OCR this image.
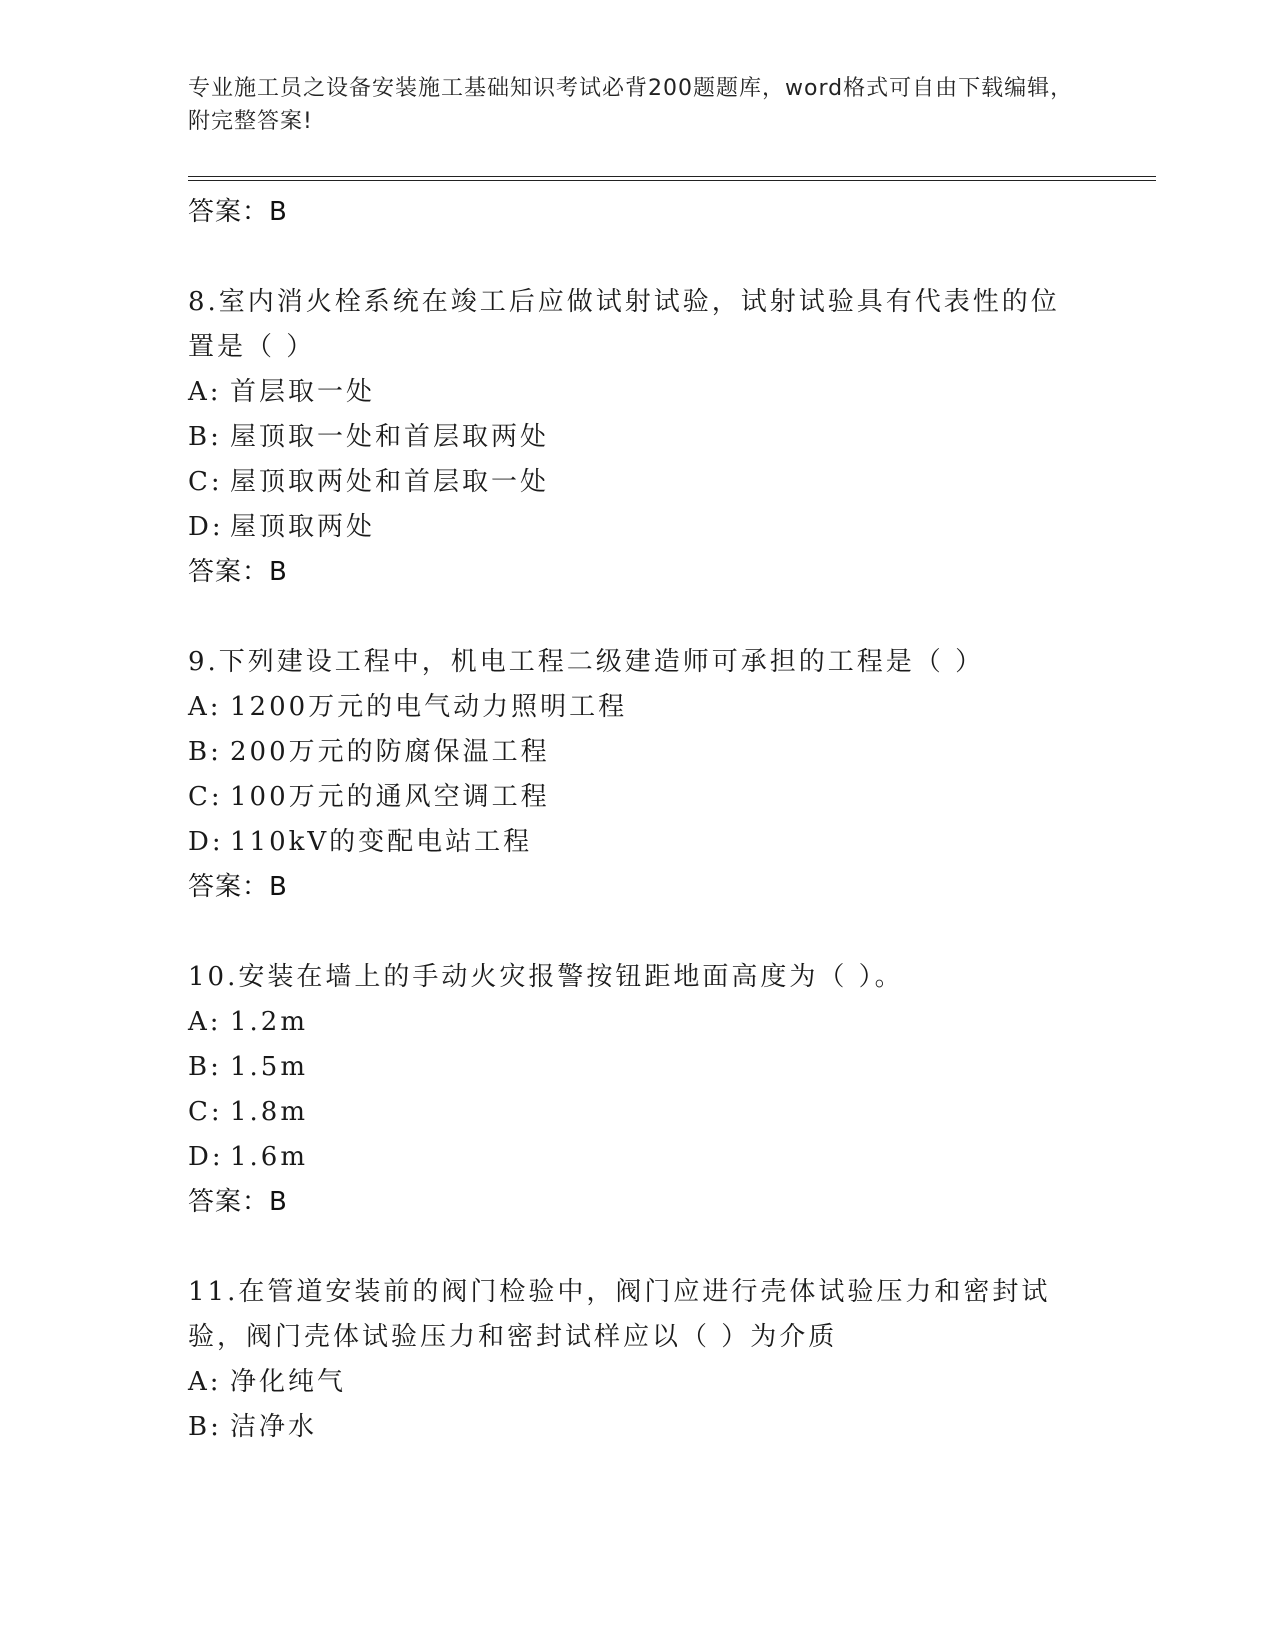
专业施工员之设备安装施工基础知识考试必背200题题库，word格式可自由下载编辑，附完整答案!
答案：B
8.室内消火栓系统在竣工后应做试射试验，试射试验具有代表性的位置是（ ）
A: 首层取一处
B: 屋顶取一处和首层取两处
C: 屋顶取两处和首层取一处
D: 屋顶取两处
答案：B
9.下列建设工程中，机电工程二级建造师可承担的工程是（ ）
A: 1200万元的电气动力照明工程
B: 200万元的防腐保温工程
C: 100万元的通风空调工程
D: 110kV的变配电站工程
答案：B
10.安装在墙上的手动火灾报警按钮距地面高度为（ ）。
A: 1.2m
B: 1.5m
C: 1.8m
D: 1.6m
答案：B
11.在管道安装前的阀门检验中，阀门应进行壳体试验压力和密封试验，阀门壳体试验压力和密封试样应以（ ）为介质
A: 净化纯气
B: 洁净水
